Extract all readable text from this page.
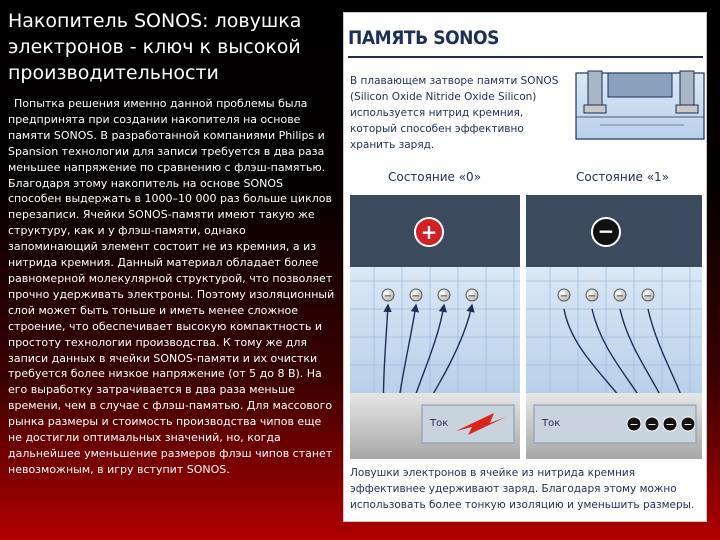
Накопитель SONOS: ловушка электронов - ключ к высокой производительности
Попытка решения именно данной проблемы была предпринята при создании накопителя на основе памяти SONOS. В разработанной компаниями Philips и Spansion технологии для записи требуется в два раза меньшее напряжение по сравнению с флэш-памятью. Благодаря этому накопитель на основе SONOS способен выдержать в 1000–10 000 раз больше циклов перезаписи. Ячейки SONOS-памяти имеют такую же структуру, как и у флэш-памяти, однако запоминающий элемент состоит не из кремния, а из нитрида кремния. Данный материал обладает более равномерной молекулярной структурой, что позволяет прочно удерживать электроны. Поэтому изоляционный слой может быть тоньше и иметь менее сложное строение, что обеспечивает высокую компактность и простоту технологии производства. К тому же для записи данных в ячейки SONOS-памяти и их очистки требуется более низкое напряжение (от 5 до 8 В). На его выработку затрачивается в два раза меньше времени, чем в случае с флэш-памятью. Для массового рынка размеры и стоимость производства чипов еще не достигли оптимальных значений, но, когда дальнейшее уменьшение размеров флэш чипов станет невозможным, в игру вступит SONOS.
ПАМЯТЬ SONOS
В плавающем затворе памяти SONOS (Silicon Oxide Nitride Oxide Silicon) используется нитрид кремния, который способен эффективно хранить заряд.
Состояние «0»	Состояние «1»
+
− − − −
Ток
−
− − − −
Ток	− − − −
Ловушки электронов в ячейке из нитрида кремния эффективнее удерживают заряд. Благодаря этому можно использовать более тонкую изоляцию и уменьшить размеры.
